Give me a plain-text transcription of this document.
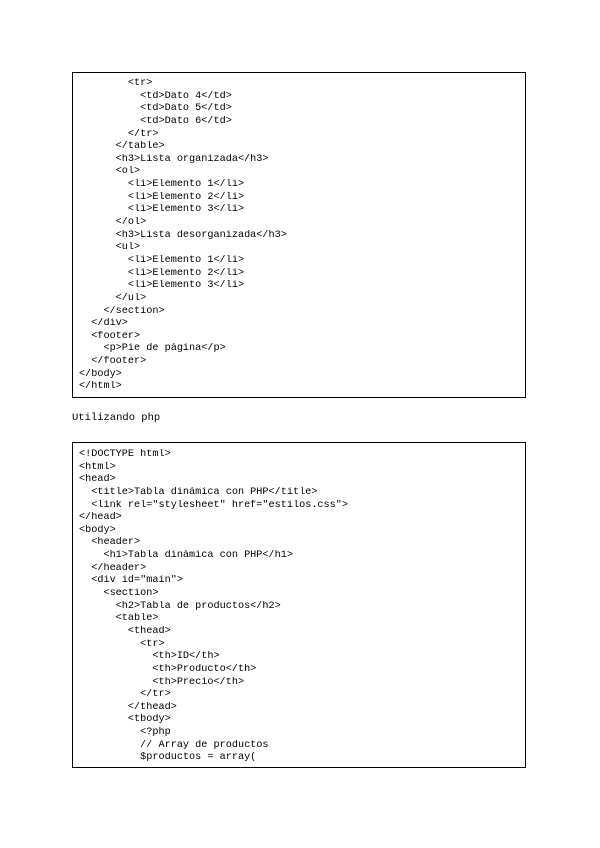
<tr>
<td>Dato 4</td>
<td>Dato 5</td>
<td>Dato 6</td>
</tr>
</table>
<h3>Lista organizada</h3>
<ol>
<li>Elemento 1</li>
<li>Elemento 2</li>
<li>Elemento 3</li>
</ol>
<h3>Lista desorganizada</h3>
<ul>
<li>Elemento 1</li>
<li>Elemento 2</li>
<li>Elemento 3</li>
</ul>
</section>
</div>
<footer>
<p>Pie de página</p>
</footer>
</body>
</html>
Utilizando php
<!DOCTYPE html>
<html>
<head>
<title>Tabla dinámica con PHP</title>
<link rel="stylesheet" href="estilos.css">
</head>
<body>
<header>
<h1>Tabla dinámica con PHP</h1>
</header>
<div id="main">
<section>
<h2>Tabla de productos</h2>
<table>
<thead>
<tr>
<th>ID</th>
<th>Producto</th>
<th>Precio</th>
</tr>
</thead>
<tbody>
<?php
// Array de productos
$productos = array(
